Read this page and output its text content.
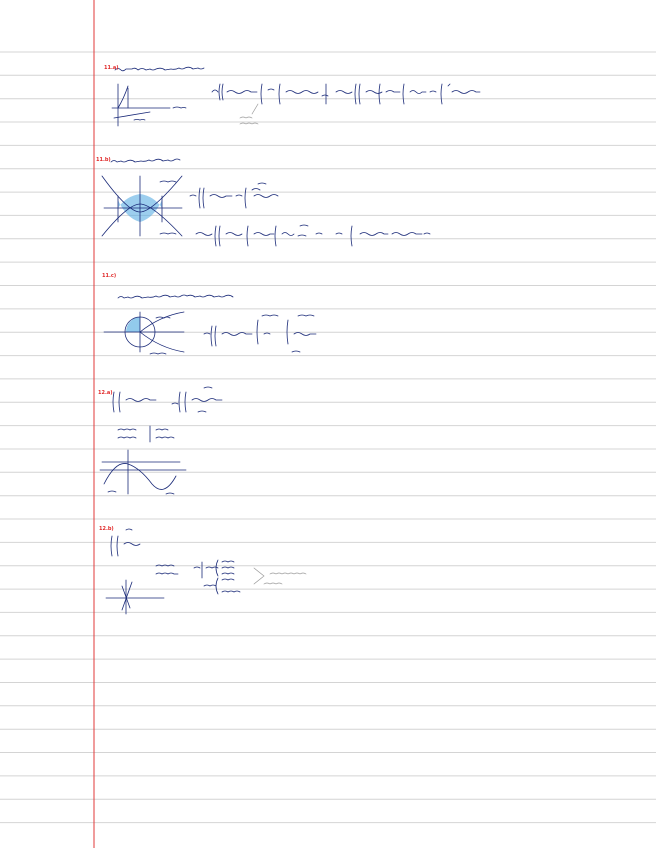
11.a)
11.b)
11.c)
12.a)
12.b)
